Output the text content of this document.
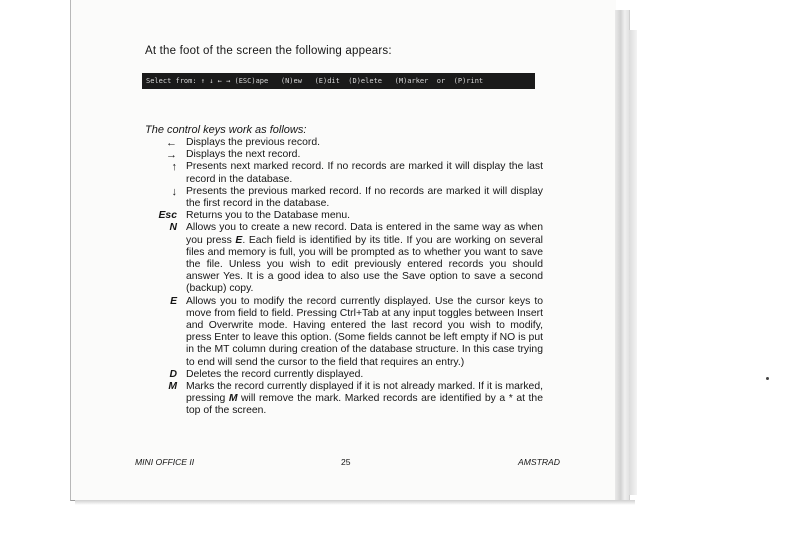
At the foot of the screen the following appears:
Select from: ↑ ↓ ← → (ESC)ape   (N)ew   (E)dit  (D)elete   (M)arker  or  (P)rint
The control keys work as follows:
← Displays the previous record.
→ Displays the next record.
↑ Presents next marked record. If no records are marked it will display the last record in the database.
↓ Presents the previous marked record. If no records are marked it will display the first record in the database.
Esc Returns you to the Database menu.
N Allows you to create a new record. Data is entered in the same way as when you press E. Each field is identified by its title. If you are working on several files and memory is full, you will be prompted as to whether you want to save the file. Unless you wish to edit previously entered records you should answer Yes. It is a good idea to also use the Save option to save a second (backup) copy.
E Allows you to modify the record currently displayed. Use the cursor keys to move from field to field. Pressing Ctrl+Tab at any input toggles between Insert and Overwrite mode. Having entered the last record you wish to modify, press Enter to leave this option. (Some fields cannot be left empty if NO is put in the MT column during creation of the database structure. In this case trying to end will send the cursor to the field that requires an entry.)
D Deletes the record currently displayed.
M Marks the record currently displayed if it is not already marked. If it is marked, pressing M will remove the mark. Marked records are identified by a * at the top of the screen.
MINI OFFICE II	25	AMSTRAD
